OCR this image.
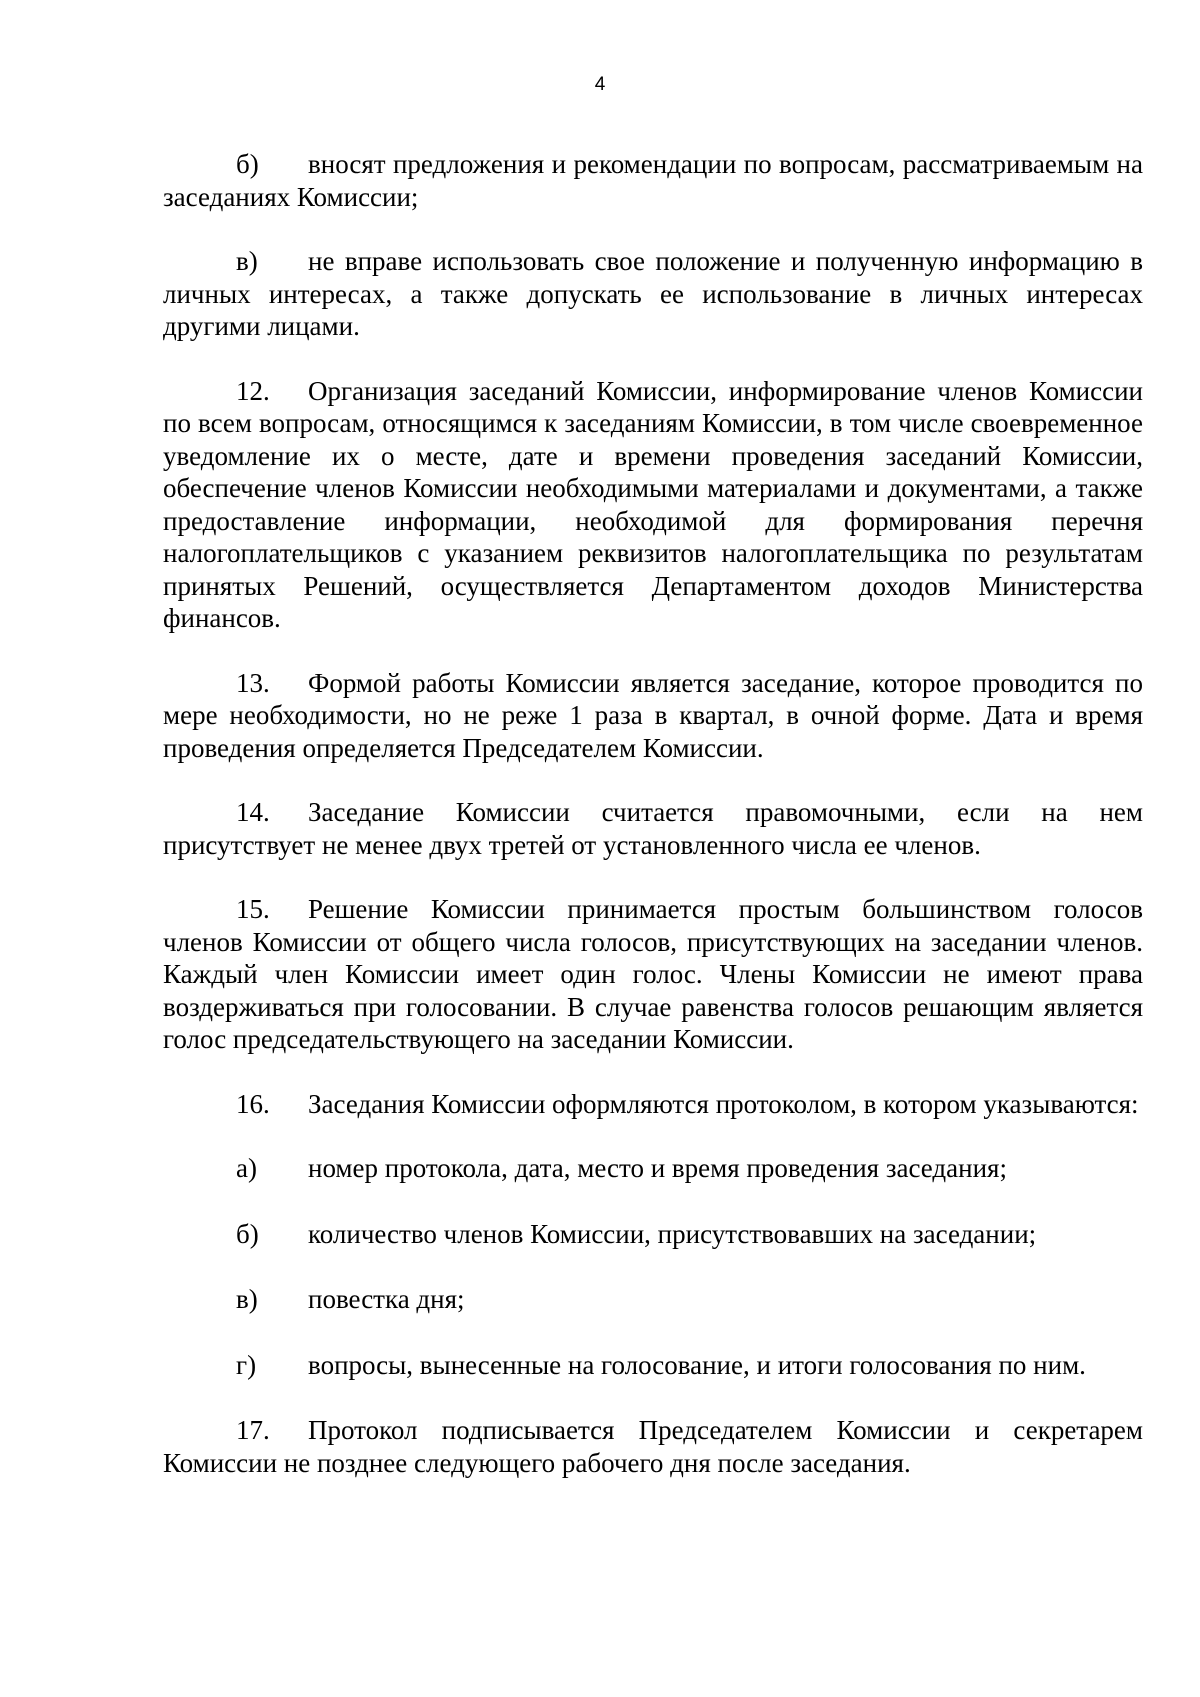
4

б) вносят предложения и рекомендации по вопросам, рассматриваемым на заседаниях Комиссии;

в) не вправе использовать свое положение и полученную информацию в личных интересах, а также допускать ее использование в личных интересах другими лицами.

12. Организация заседаний Комиссии, информирование членов Комиссии по всем вопросам, относящимся к заседаниям Комиссии, в том числе своевременное уведомление их о месте, дате и времени проведения заседаний Комиссии, обеспечение членов Комиссии необходимыми материалами и документами, а также предоставление информации, необходимой для формирования перечня налогоплательщиков с указанием реквизитов налогоплательщика по результатам принятых Решений, осуществляется Департаментом доходов Министерства финансов.

13. Формой работы Комиссии является заседание, которое проводится по мере необходимости, но не реже 1 раза в квартал, в очной форме. Дата и время проведения определяется Председателем Комиссии.

14. Заседание Комиссии считается правомочными, если на нем присутствует не менее двух третей от установленного числа ее членов.

15. Решение Комиссии принимается простым большинством голосов членов Комиссии от общего числа голосов, присутствующих на заседании членов. Каждый член Комиссии имеет один голос. Члены Комиссии не имеют права воздерживаться при голосовании. В случае равенства голосов решающим является голос председательствующего на заседании Комиссии.

16. Заседания Комиссии оформляются протоколом, в котором указываются:

а) номер протокола, дата, место и время проведения заседания;

б) количество членов Комиссии, присутствовавших на заседании;

в) повестка дня;

г) вопросы, вынесенные на голосование, и итоги голосования по ним.

17. Протокол подписывается Председателем Комиссии и секретарем Комиссии не позднее следующего рабочего дня после заседания.
